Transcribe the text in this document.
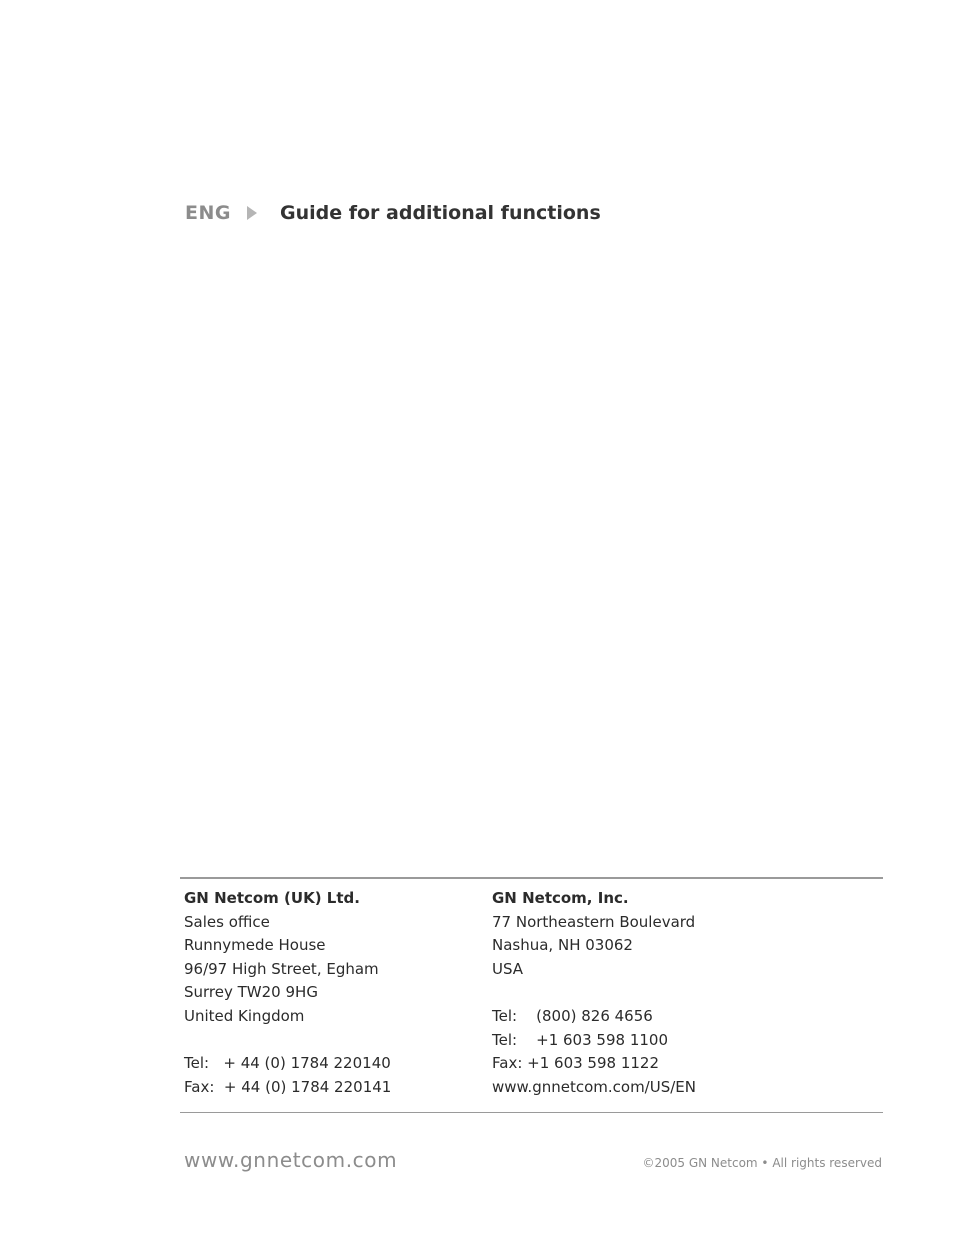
ENG	Guide for additional functions
GN Netcom (UK) Ltd.
Sales office
Runnymede House
96/97 High Street, Egham
Surrey TW20 9HG
United Kingdom
Tel:   + 44 (0) 1784 220140
Fax:  + 44 (0) 1784 220141
GN Netcom, Inc.
77 Northeastern Boulevard
Nashua, NH 03062
USA
Tel:    (800) 826 4656
Tel:    +1 603 598 1100
Fax: +1 603 598 1122
www.gnnetcom.com/US/EN
www.gnnetcom.com	©2005 GN Netcom • All rights reserved
